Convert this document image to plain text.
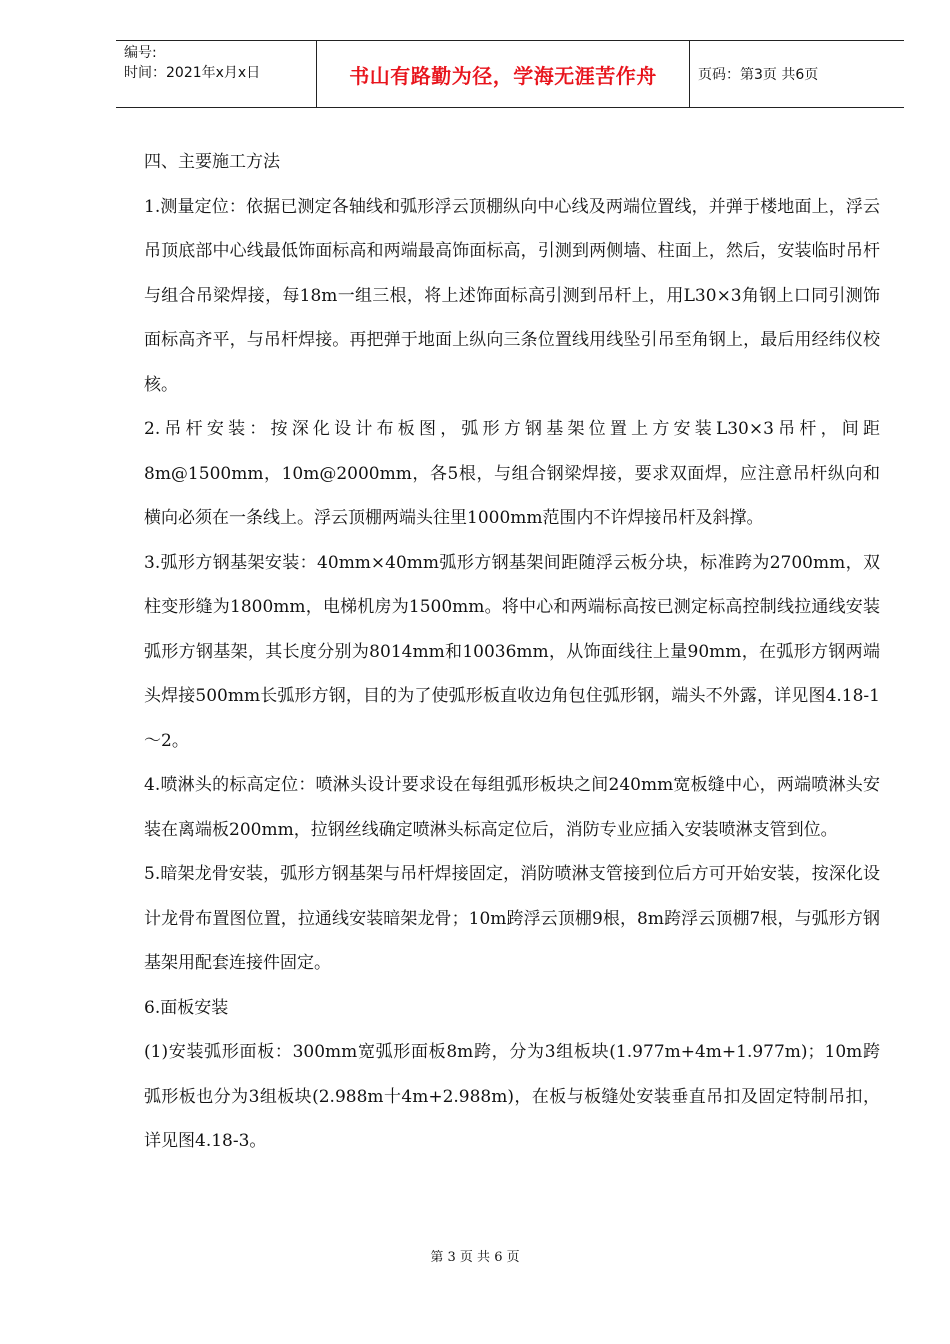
编号:
时间：2021年x月x日	书山有路勤为径，学海无涯苦作舟	页码：第3页 共6页

四、主要施工方法

1.测量定位：依据已测定各轴线和弧形浮云顶棚纵向中心线及两端位置线，并弹于楼地面上，浮云吊顶底部中心线最低饰面标高和两端最高饰面标高，引测到两侧墙、柱面上，然后，安装临时吊杆与组合吊梁焊接，每18m一组三根，将上述饰面标高引测到吊杆上，用L30×3角钢上口同引测饰面标高齐平，与吊杆焊接。再把弹于地面上纵向三条位置线用线坠引吊至角钢上，最后用经纬仪校核。

2.吊杆安装：按深化设计布板图，弧形方钢基架位置上方安装L30×3吊杆，间距8m@1500mm，10m@2000mm，各5根，与组合钢梁焊接，要求双面焊，应注意吊杆纵向和横向必须在一条线上。浮云顶棚两端头往里1000mm范围内不许焊接吊杆及斜撑。

3.弧形方钢基架安装：40mm×40mm弧形方钢基架间距随浮云板分块，标准跨为2700mm，双柱变形缝为1800mm，电梯机房为1500mm。将中心和两端标高按已测定标高控制线拉通线安装弧形方钢基架，其长度分别为8014mm和10036mm，从饰面线往上量90mm，在弧形方钢两端头焊接500mm长弧形方钢，目的为了使弧形板直收边角包住弧形钢，端头不外露，详见图4.18-1～2。

4.喷淋头的标高定位：喷淋头设计要求设在每组弧形板块之间240mm宽板缝中心，两端喷淋头安装在离端板200mm，拉钢丝线确定喷淋头标高定位后，消防专业应插入安装喷淋支管到位。

5.暗架龙骨安装，弧形方钢基架与吊杆焊接固定，消防喷淋支管接到位后方可开始安装，按深化设计龙骨布置图位置，拉通线安装暗架龙骨；10m跨浮云顶棚9根，8m跨浮云顶棚7根，与弧形方钢基架用配套连接件固定。

6.面板安装

(1)安装弧形面板：300mm宽弧形面板8m跨，分为3组板块(1.977m+4m+1.977m)；10m跨弧形板也分为3组板块(2.988m十4m+2.988m)，在板与板缝处安装垂直吊扣及固定特制吊扣，详见图4.18-3。

第 3 页 共 6 页
